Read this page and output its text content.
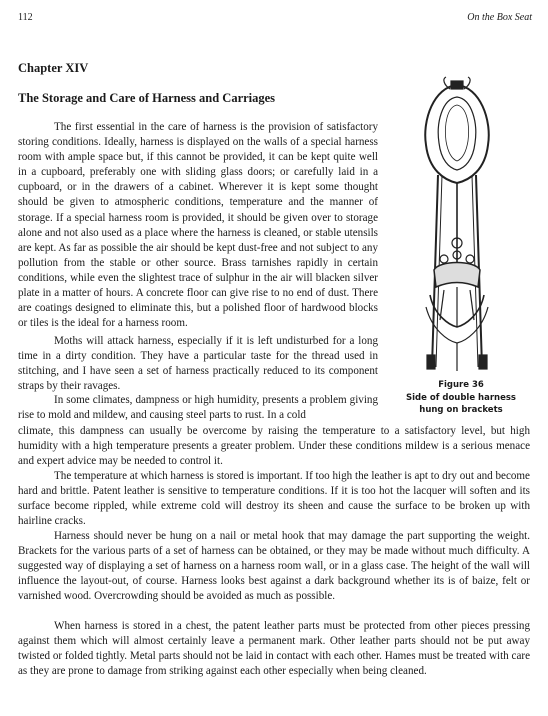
112	On the Box Seat
Chapter XIV
The Storage and Care of Harness and Carriages

The first essential in the care of harness is the provision of satisfactory storing conditions. Ideally, harness is displayed on the walls of a special harness room with ample space but, if this cannot be provided, it can be kept quite well in a cupboard, preferably one with sliding glass doors; or carefully laid in a cupboard, or in the drawers of a cabinet. Wherever it is kept some thought should be given to atmospheric conditions, temperature and the manner of storage. If a special harness room is provided, it should be given over to storage alone and not also used as a place where the harness is cleaned, or stable utensils are kept. As far as possible the air should be kept dust-free and not subject to any pollution from the stable or other source. Brass tarnishes rapidly in certain conditions, while even the slightest trace of sulphur in the air will blacken silver plate in a matter of hours. A concrete floor can give rise to no end of dust. There are coatings designed to eliminate this, but a polished floor of hardwood blocks or tiles is the ideal for a harness room.

Moths will attack harness, especially if it is left undisturbed for a long time in a dirty condition. They have a particular taste for the thread used in stitching, and I have seen a set of harness practically reduced to its component straps by their ravages.

In some climates, dampness or high humidity, presents a problem giving rise to mold and mildew, and causing steel parts to rust. In a cold

climate, this dampness can usually be overcome by raising the temperature to a satisfactory level, but high humidity with a high temperature presents a greater problem. Under these conditions mildew is a serious menace and expert advice may be needed to control it.

The temperature at which harness is stored is important. If too high the leather is apt to dry out and become hard and brittle. Patent leather is sensitive to temperature conditions. If it is too hot the lacquer will soften and its surface become rippled, while extreme cold will destroy its sheen and cause the surface to be broken up with hairline cracks.

Harness should never be hung on a nail or metal hook that may damage the part supporting the weight. Brackets for the various parts of a set of harness can be obtained, or they may be made without much difficulty. A suggested way of displaying a set of harness on a harness room wall, or in a glass case. The height of the wall will influence the layout-out, of course. Harness looks best against a dark background whether its is of baize, felt or varnished wood. Overcrowding should be avoided as much as possible.

When harness is stored in a chest, the patent leather parts must be protected from other pieces pressing against them which will almost certainly leave a permanent mark. Other leather parts should not be put away twisted or folded tightly. Metal parts should not be laid in contact with each other. Hames must be treated with care as they are prone to damage from striking against each other especially when being cleaned.

Figure 36
Side of double harness
hung on brackets
